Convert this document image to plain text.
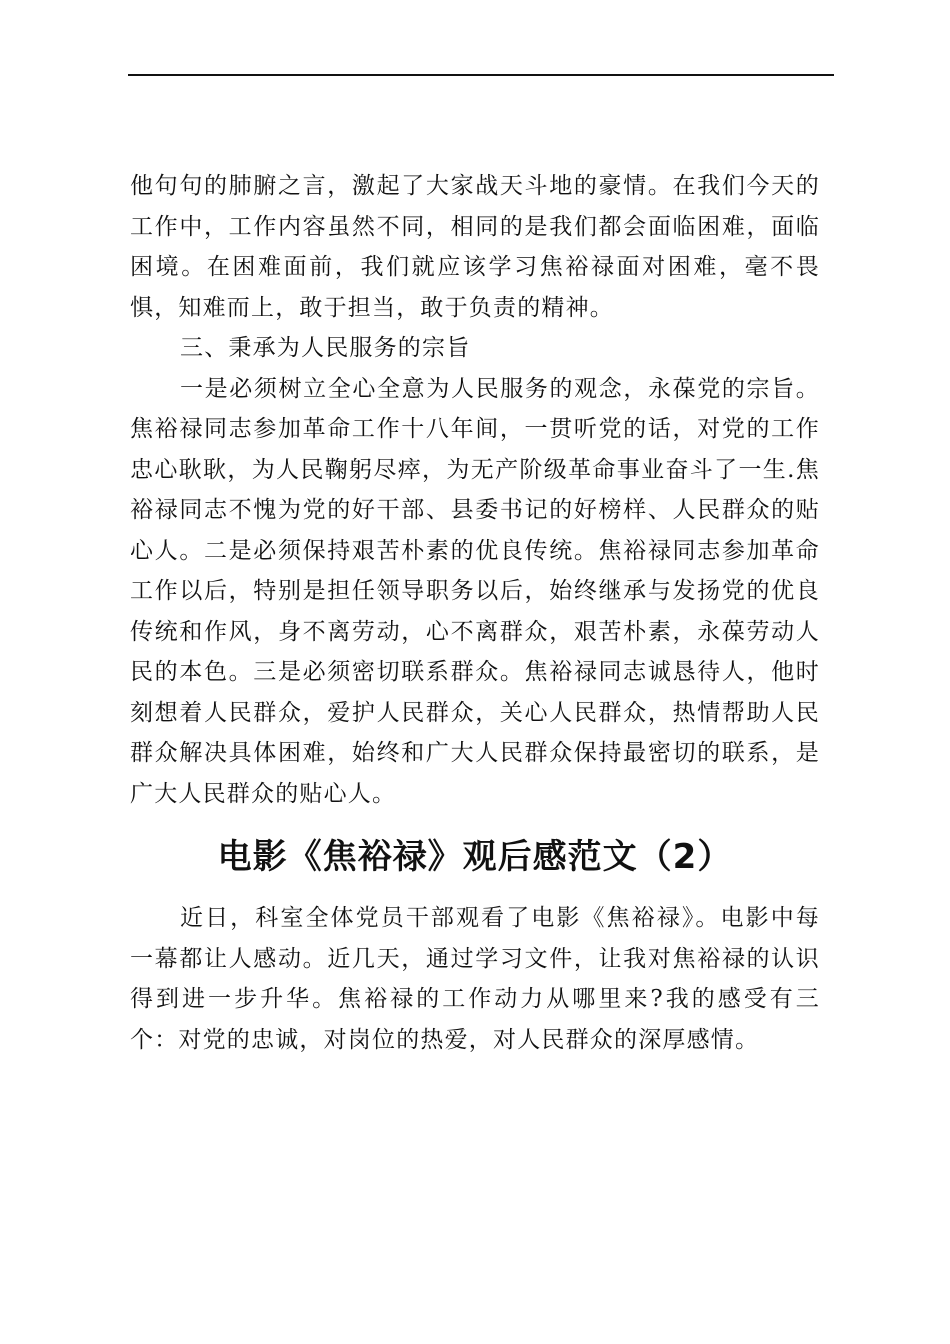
他句句的肺腑之言，激起了大家战天斗地的豪情。在我们今天的工作中，工作内容虽然不同，相同的是我们都会面临困难，面临困境。在困难面前，我们就应该学习焦裕禄面对困难，毫不畏惧，知难而上，敢于担当，敢于负责的精神。

三、秉承为人民服务的宗旨

一是必须树立全心全意为人民服务的观念，永葆党的宗旨。焦裕禄同志参加革命工作十八年间，一贯听党的话，对党的工作忠心耿耿，为人民鞠躬尽瘁，为无产阶级革命事业奋斗了一生.焦裕禄同志不愧为党的好干部、县委书记的好榜样、人民群众的贴心人。二是必须保持艰苦朴素的优良传统。焦裕禄同志参加革命工作以后，特别是担任领导职务以后，始终继承与发扬党的优良传统和作风，身不离劳动，心不离群众，艰苦朴素，永葆劳动人民的本色。三是必须密切联系群众。焦裕禄同志诚恳待人，他时刻想着人民群众，爱护人民群众，关心人民群众，热情帮助人民群众解决具体困难，始终和广大人民群众保持最密切的联系，是广大人民群众的贴心人。

电影《焦裕禄》观后感范文（2）

近日，科室全体党员干部观看了电影《焦裕禄》。电影中每一幕都让人感动。近几天，通过学习文件，让我对焦裕禄的认识得到进一步升华。焦裕禄的工作动力从哪里来?我的感受有三个：对党的忠诚，对岗位的热爱，对人民群众的深厚感情。
